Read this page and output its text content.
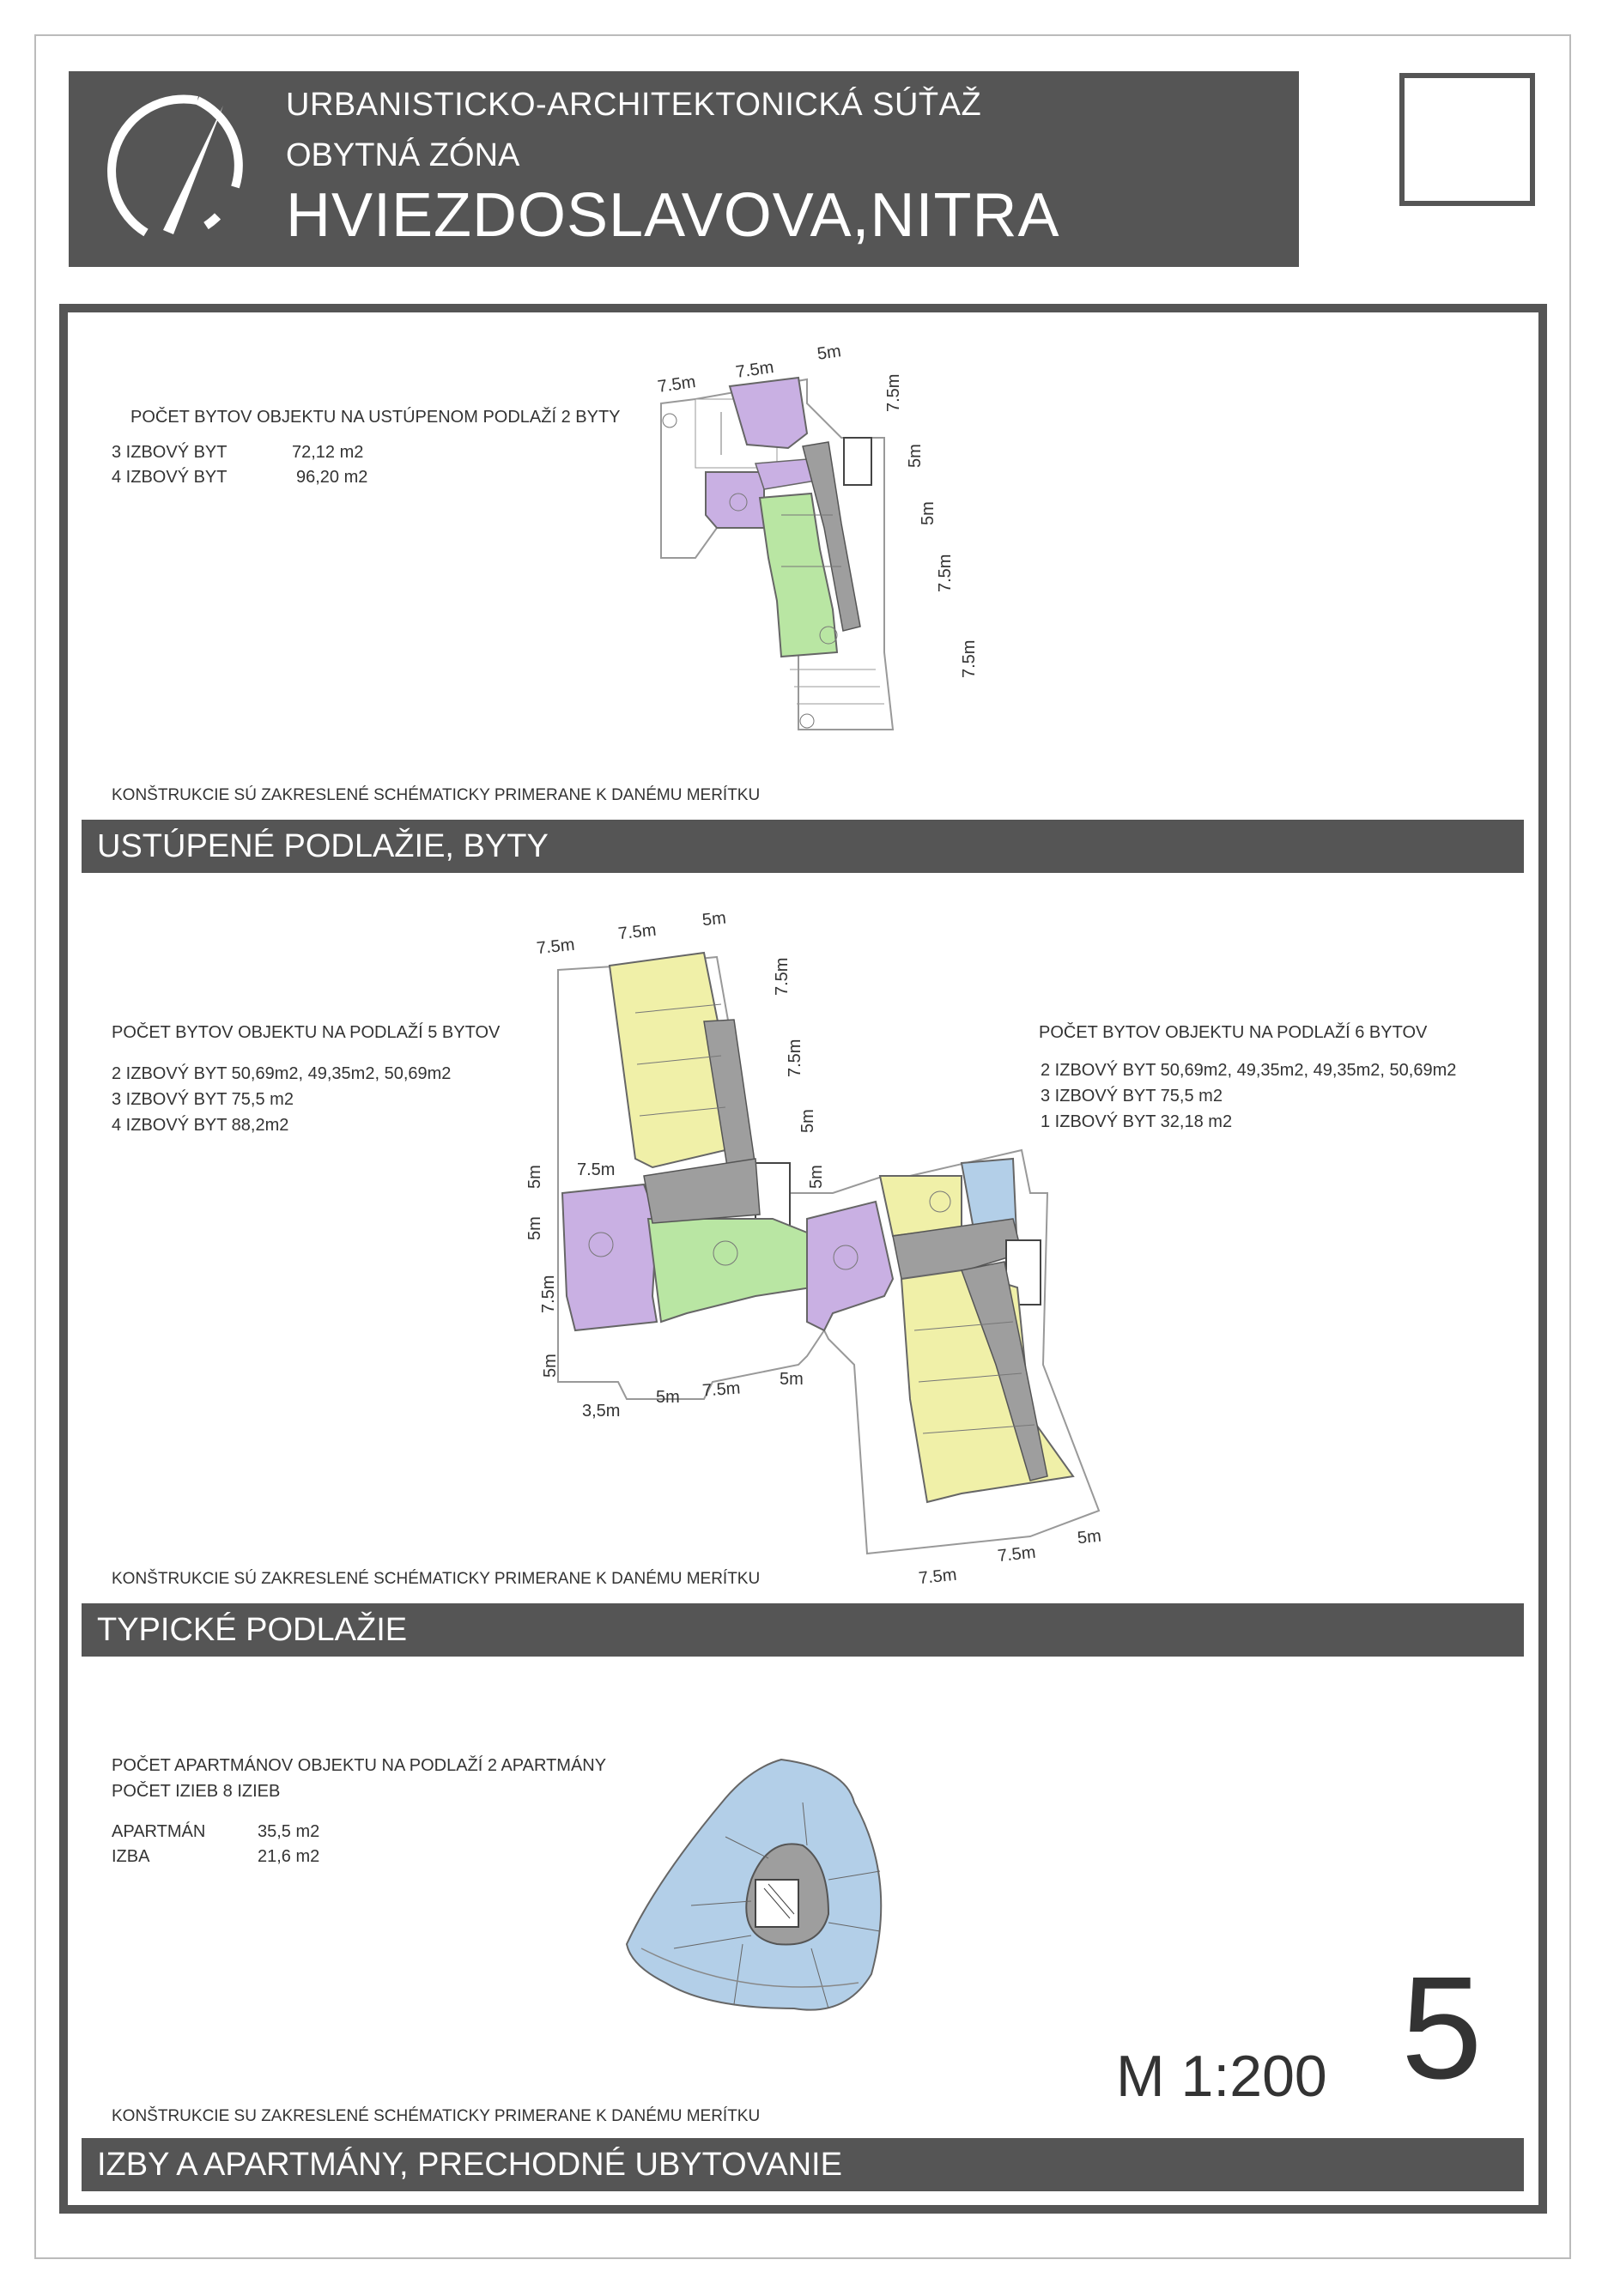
URBANISTICKO-ARCHITEKTONICKÁ SÚŤAŽ
OBYTNÁ ZÓNA
HVIEZDOSLAVOVA,NITRA
POČET BYTOV OBJEKTU NA USTÚPENOM PODLAŽÍ 2 BYTY
3 IZBOVÝ BYT	72,12 m2
4 IZBOVÝ BYT	96,20 m2
7.5m
7.5m
5m
7.5m
5m
5m
7.5m
7.5m
KONŠTRUKCIE SÚ ZAKRESLENÉ SCHÉMATICKY PRIMERANE K DANÉMU MERÍTKU
USTÚPENÉ PODLAŽIE, BYTY
POČET BYTOV OBJEKTU NA PODLAŽÍ 5 BYTOV
2 IZBOVÝ BYT 50,69m2, 49,35m2, 50,69m2
3 IZBOVÝ BYT 75,5 m2
4 IZBOVÝ BYT 88,2m2
POČET BYTOV OBJEKTU NA PODLAŽÍ 6 BYTOV
2 IZBOVÝ BYT 50,69m2, 49,35m2, 49,35m2, 50,69m2
3 IZBOVÝ BYT 75,5 m2
1 IZBOVÝ BYT 32,18 m2
7.5m
7.5m
5m
7.5m
7.5m
5m
5m
5m
7.5m
5m
7.5m	5m
3,5m
5m 7.5m 5m
7.5m
7.5m
5m
KONŠTRUKCIE SÚ ZAKRESLENÉ SCHÉMATICKY PRIMERANE K DANÉMU MERÍTKU
TYPICKÉ PODLAŽIE
POČET APARTMÁNOV OBJEKTU NA PODLAŽÍ 2 APARTMÁNY
POČET IZIEB 8 IZIEB
APARTMÁN	35,5 m2
IZBA	21,6 m2
M 1:200 5
KONŠTRUKCIE SU ZAKRESLENÉ SCHÉMATICKY PRIMERANE K DANÉMU MERÍTKU
IZBY A APARTMÁNY, PRECHODNÉ UBYTOVANIE
